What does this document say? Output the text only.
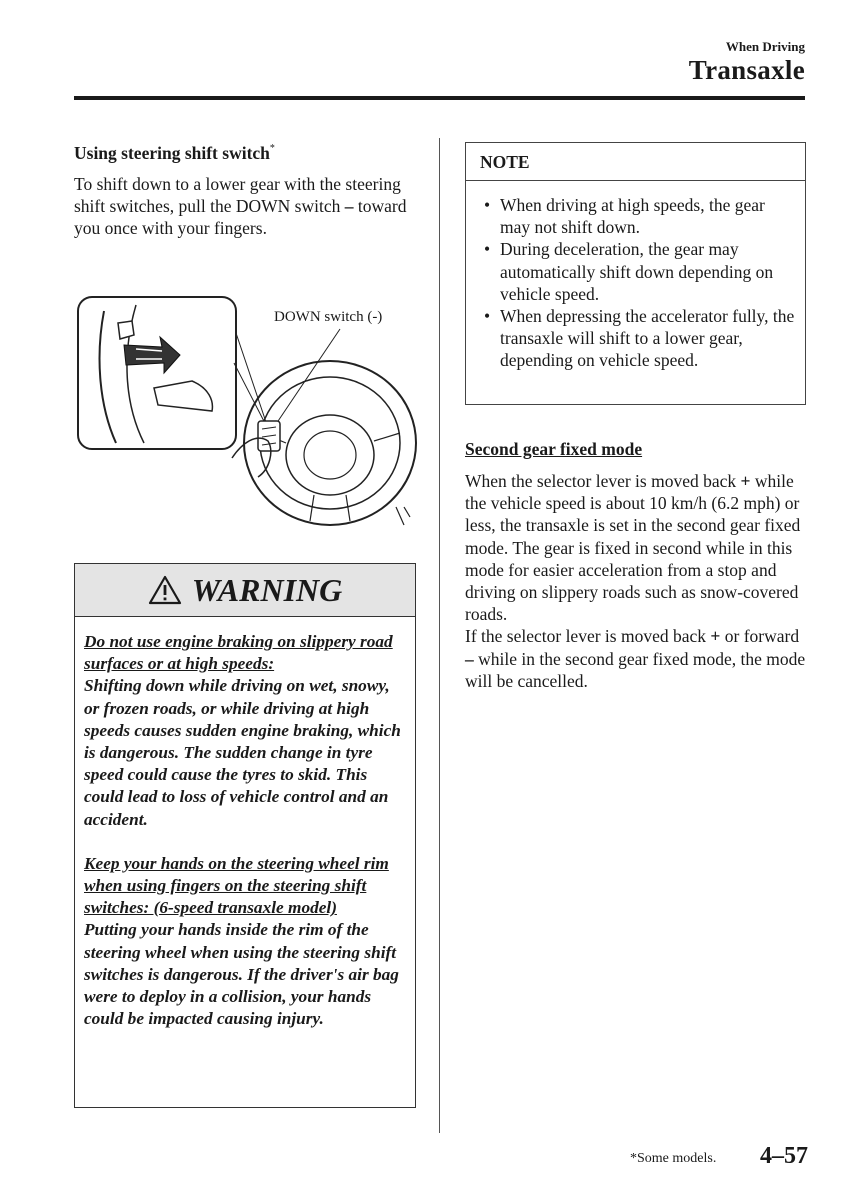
When Driving
Transaxle

Using steering shift switch*

To shift down to a lower gear with the steering shift switches, pull the DOWN switch – toward you once with your fingers.

DOWN switch (-)
WARNING

Do not use engine braking on slippery road surfaces or at high speeds:

Shifting down while driving on wet, snowy, or frozen roads, or while driving at high speeds causes sudden engine braking, which is dangerous. The sudden change in tyre speed could cause the tyres to skid. This could lead to loss of vehicle control and an accident.

Keep your hands on the steering wheel rim when using fingers on the steering shift switches: (6-speed transaxle model)

Putting your hands inside the rim of the steering wheel when using the steering shift switches is dangerous. If the driver's air bag were to deploy in a collision, your hands could be impacted causing injury.

NOTE
• When driving at high speeds, the gear may not shift down.
• During deceleration, the gear may automatically shift down depending on vehicle speed.
• When depressing the accelerator fully, the transaxle will shift to a lower gear, depending on vehicle speed.

Second gear fixed mode

When the selector lever is moved back + while the vehicle speed is about 10 km/h (6.2 mph) or less, the transaxle is set in the second gear fixed mode. The gear is fixed in second while in this mode for easier acceleration from a stop and driving on slippery roads such as snow-covered roads.
If the selector lever is moved back + or forward – while in the second gear fixed mode, the mode will be cancelled.

*Some models. 4–57
